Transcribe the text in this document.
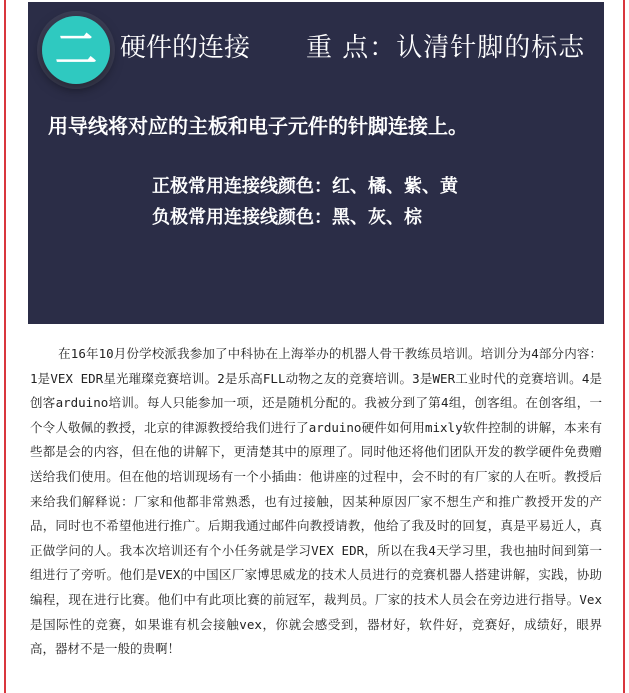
二 硬件的连接 重 点：认清针脚的标志
用导线将对应的主板和电子元件的针脚连接上。
正极常用连接线颜色：红、橘、紫、黄
负极常用连接线颜色：黑、灰、棕

在16年10月份学校派我参加了中科协在上海举办的机器人骨干教练员培训。培训分为4部分内容：1是VEX EDR星光璀璨竞赛培训。2是乐高FLL动物之友的竞赛培训。3是WER工业时代的竞赛培训。4是创客arduino培训。每人只能参加一项，还是随机分配的。我被分到了第4组，创客组。在创客组，一个令人敬佩的教授，北京的律源教授给我们进行了arduino硬件如何用mixly软件控制的讲解，本来有些都是会的内容，但在他的讲解下，更清楚其中的原理了。同时他还将他们团队开发的教学硬件免费赠送给我们使用。但在他的培训现场有一个小插曲：他讲座的过程中，会不时的有厂家的人在听。教授后来给我们解释说：厂家和他都非常熟悉，也有过接触，因某种原因厂家不想生产和推广教授开发的产品，同时也不希望他进行推广。后期我通过邮件向教授请教，他给了我及时的回复，真是平易近人，真正做学问的人。我本次培训还有个小任务就是学习VEX EDR，所以在我4天学习里，我也抽时间到第一组进行了旁听。他们是VEX的中国区厂家博思威龙的技术人员进行的竞赛机器人搭建讲解，实践，协助编程，现在进行比赛。他们中有此项比赛的前冠军，裁判员。厂家的技术人员会在旁边进行指导。Vex是国际性的竞赛，如果谁有机会接触vex，你就会感受到，器材好，软件好，竞赛好，成绩好，眼界高，器材不是一般的贵啊！
